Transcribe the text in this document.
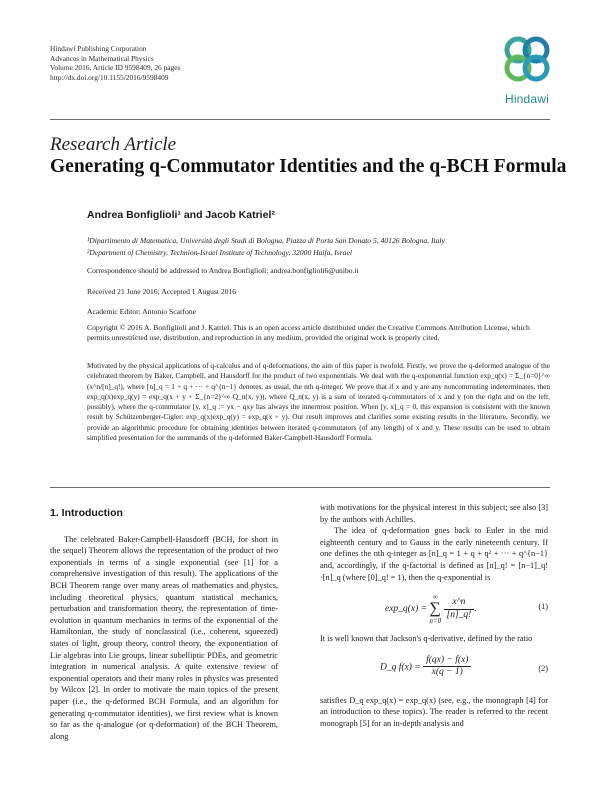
Hindawi Publishing Corporation
Advances in Mathematical Physics
Volume 2016, Article ID 9598409, 26 pages
http://dx.doi.org/10.1155/2016/9598409
Hindawi
Research Article
Generating q-Commutator Identities and the q-BCH Formula
Andrea Bonfiglioli¹ and Jacob Katriel²
¹Dipartimento di Matematica, Università degli Studi di Bologna, Piazza di Porta San Donato 5, 40126 Bologna, Italy
²Department of Chemistry, Technion-Israel Institute of Technology, 32000 Haifa, Israel
Correspondence should be addressed to Andrea Bonfiglioli; andrea.bonfiglioli6@unibo.it
Received 21 June 2016; Accepted 1 August 2016
Academic Editor: Antonio Scarfone
Copyright © 2016 A. Bonfiglioli and J. Katriel. This is an open access article distributed under the Creative Commons Attribution License, which permits unrestricted use, distribution, and reproduction in any medium, provided the original work is properly cited.
Motivated by the physical applications of q-calculus and of q-deformations, the aim of this paper is twofold. Firstly, we prove the q-deformed analogue of the celebrated theorem by Baker, Campbell, and Hausdorff for the product of two exponentials. We deal with the q-exponential function exp_q(x) = Σ_{n=0}^∞ (x^n/[n]_q!), where [n]_q = 1 + q + ··· + q^{n−1} denotes, as usual, the nth q-integer. We prove that if x and y are any noncommuting indeterminates, then exp_q(x)exp_q(y) = exp_q(x + y + Σ_{n=2}^∞ Q_n(x, y)), where Q_n(x, y) is a sum of iterated q-commutators of x and y (on the right and on the left, possibly), where the q-commutator [y, x]_q := yx − qxy has always the innermost position. When [y, x]_q = 0, this expansion is consistent with the known result by Schützenberger-Cigler: exp_q(x)exp_q(y) = exp_q(x + y). Our result improves and clarifies some existing results in the literature. Secondly, we provide an algorithmic procedure for obtaining identities between iterated q-commutators (of any length) of x and y. These results can be used to obtain simplified presentation for the summands of the q-deformed Baker-Campbell-Hausdorff Formula.
1. Introduction

The celebrated Baker-Campbell-Hausdorff (BCH, for short in the sequel) Theorem allows the representation of the product of two exponentials in terms of a single exponential (see [1] for a comprehensive investigation of this result). The applications of the BCH Theorem range over many areas of mathematics and physics, including theoretical physics, quantum statistical mechanics, perturbation and transformation theory, the representation of time-evolution in quantum mechanics in terms of the exponential of the Hamiltonian, the study of nonclassical (i.e., coherent, squeezed) states of light, group theory, control theory, the exponentiation of Lie algebras into Lie groups, linear subelliptic PDEs, and geometric integration in numerical analysis. A quite extensive review of exponential operators and their many roles in physics was presented by Wilcox [2]. In order to motivate the main topics of the present paper (i.e., the q-deformed BCH Formula, and an algorithm for generating q-commutator identities), we first review what is known so far as the q-analogue (or q-deformation) of the BCH Theorem, along

with motivations for the physical interest in this subject; see also [3] by the authors with Achilles.

The idea of q-deformation goes back to Euler in the mid eighteenth century and to Gauss in the early nineteenth century. If one defines the nth q-integer as [n]_q = 1 + q + q² + ··· + q^{n−1} and, accordingly, if the q-factorial is defined as [n]_q! = [n−1]_q!·[n]_q (where [0]_q! = 1), then the q-exponential is

exp_q(x) = ∞
∑
$n=0 \frac{x\^{}n}{[n]\_q!}$ .	(1)

It is well known that Jackson's q-derivative, defined by the ratio

D_q $f(x) = \frac{f(qx) - f(x)}{x(q - 1)}$	(2)

satisfies D_q exp_q(x) = exp_q(x) (see, e.g., the monograph [4] for an introduction to these topics). The reader is referred to the recent monograph [5] for an in-depth analysis and
